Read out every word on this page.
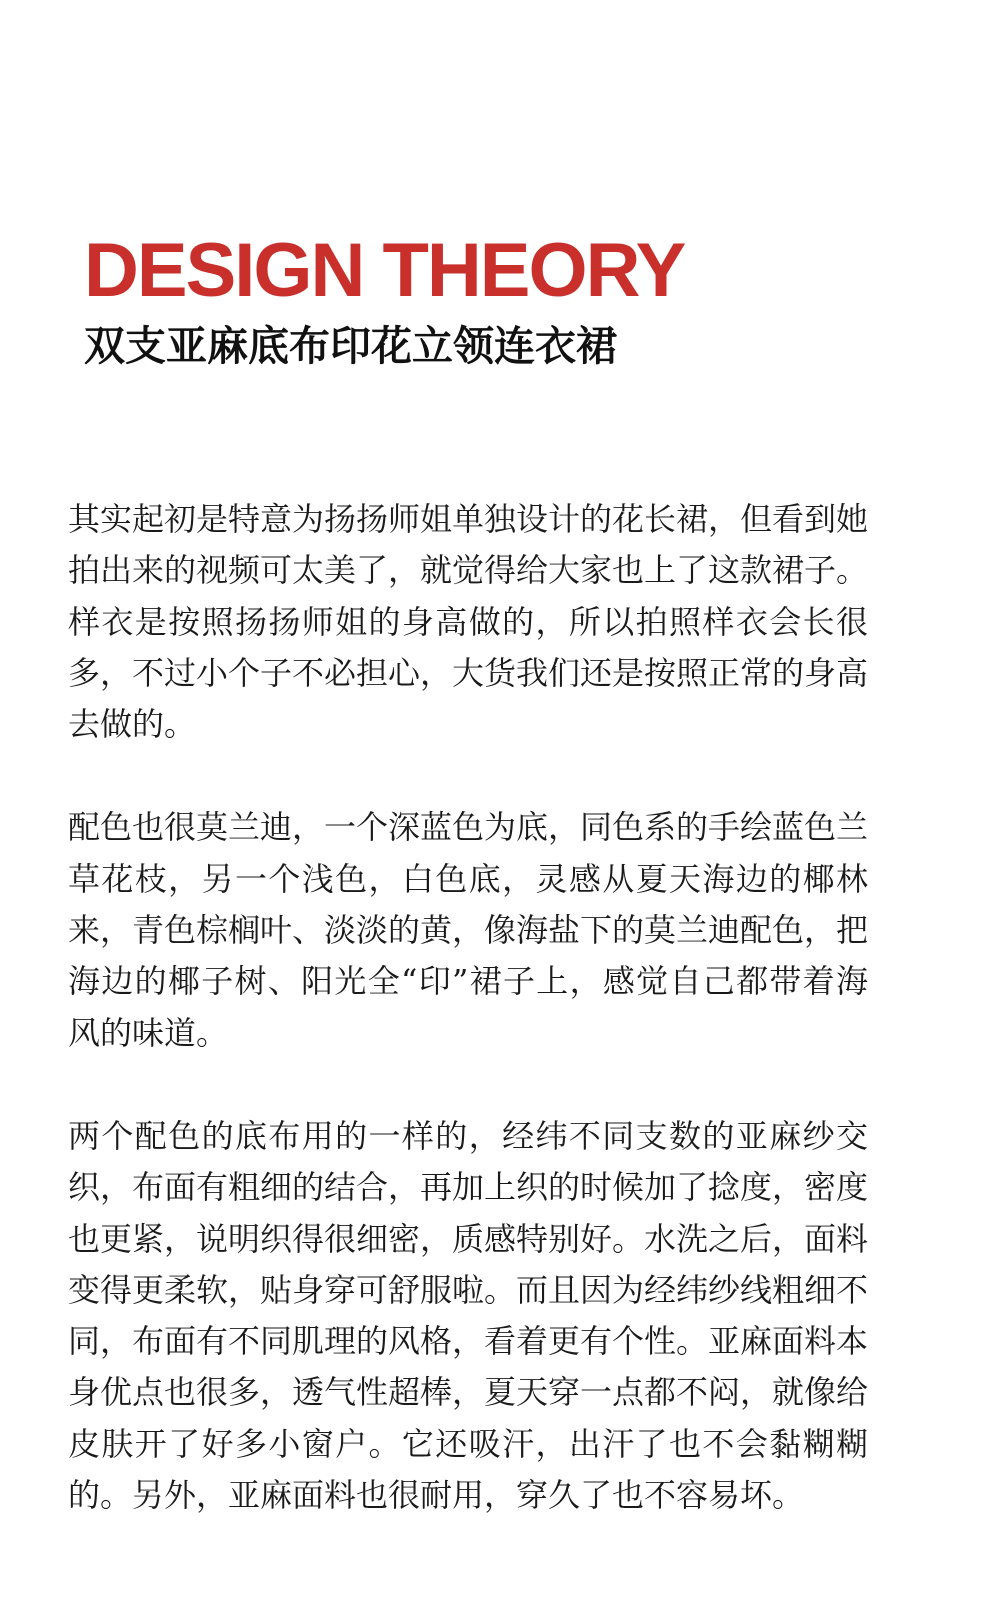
DESIGN THEORY
双支亚麻底布印花立领连衣裙

其实起初是特意为扬扬师姐单独设计的花长裙，但看到她拍出来的视频可太美了，就觉得给大家也上了这款裙子。样衣是按照扬扬师姐的身高做的，所以拍照样衣会长很多，不过小个子不必担心，大货我们还是按照正常的身高去做的。

配色也很莫兰迪，一个深蓝色为底，同色系的手绘蓝色兰草花枝，另一个浅色，白色底，灵感从夏天海边的椰林来，青色棕榈叶、淡淡的黄，像海盐下的莫兰迪配色，把海边的椰子树、阳光全“印”裙子上，感觉自己都带着海风的味道。

两个配色的底布用的一样的，经纬不同支数的亚麻纱交织，布面有粗细的结合，再加上织的时候加了捻度，密度也更紧，说明织得很细密，质感特别好。水洗之后，面料变得更柔软，贴身穿可舒服啦。而且因为经纬纱线粗细不同，布面有不同肌理的风格，看着更有个性。亚麻面料本身优点也很多，透气性超棒，夏天穿一点都不闷，就像给皮肤开了好多小窗户。它还吸汗，出汗了也不会黏糊糊的。另外，亚麻面料也很耐用，穿久了也不容易坏。
